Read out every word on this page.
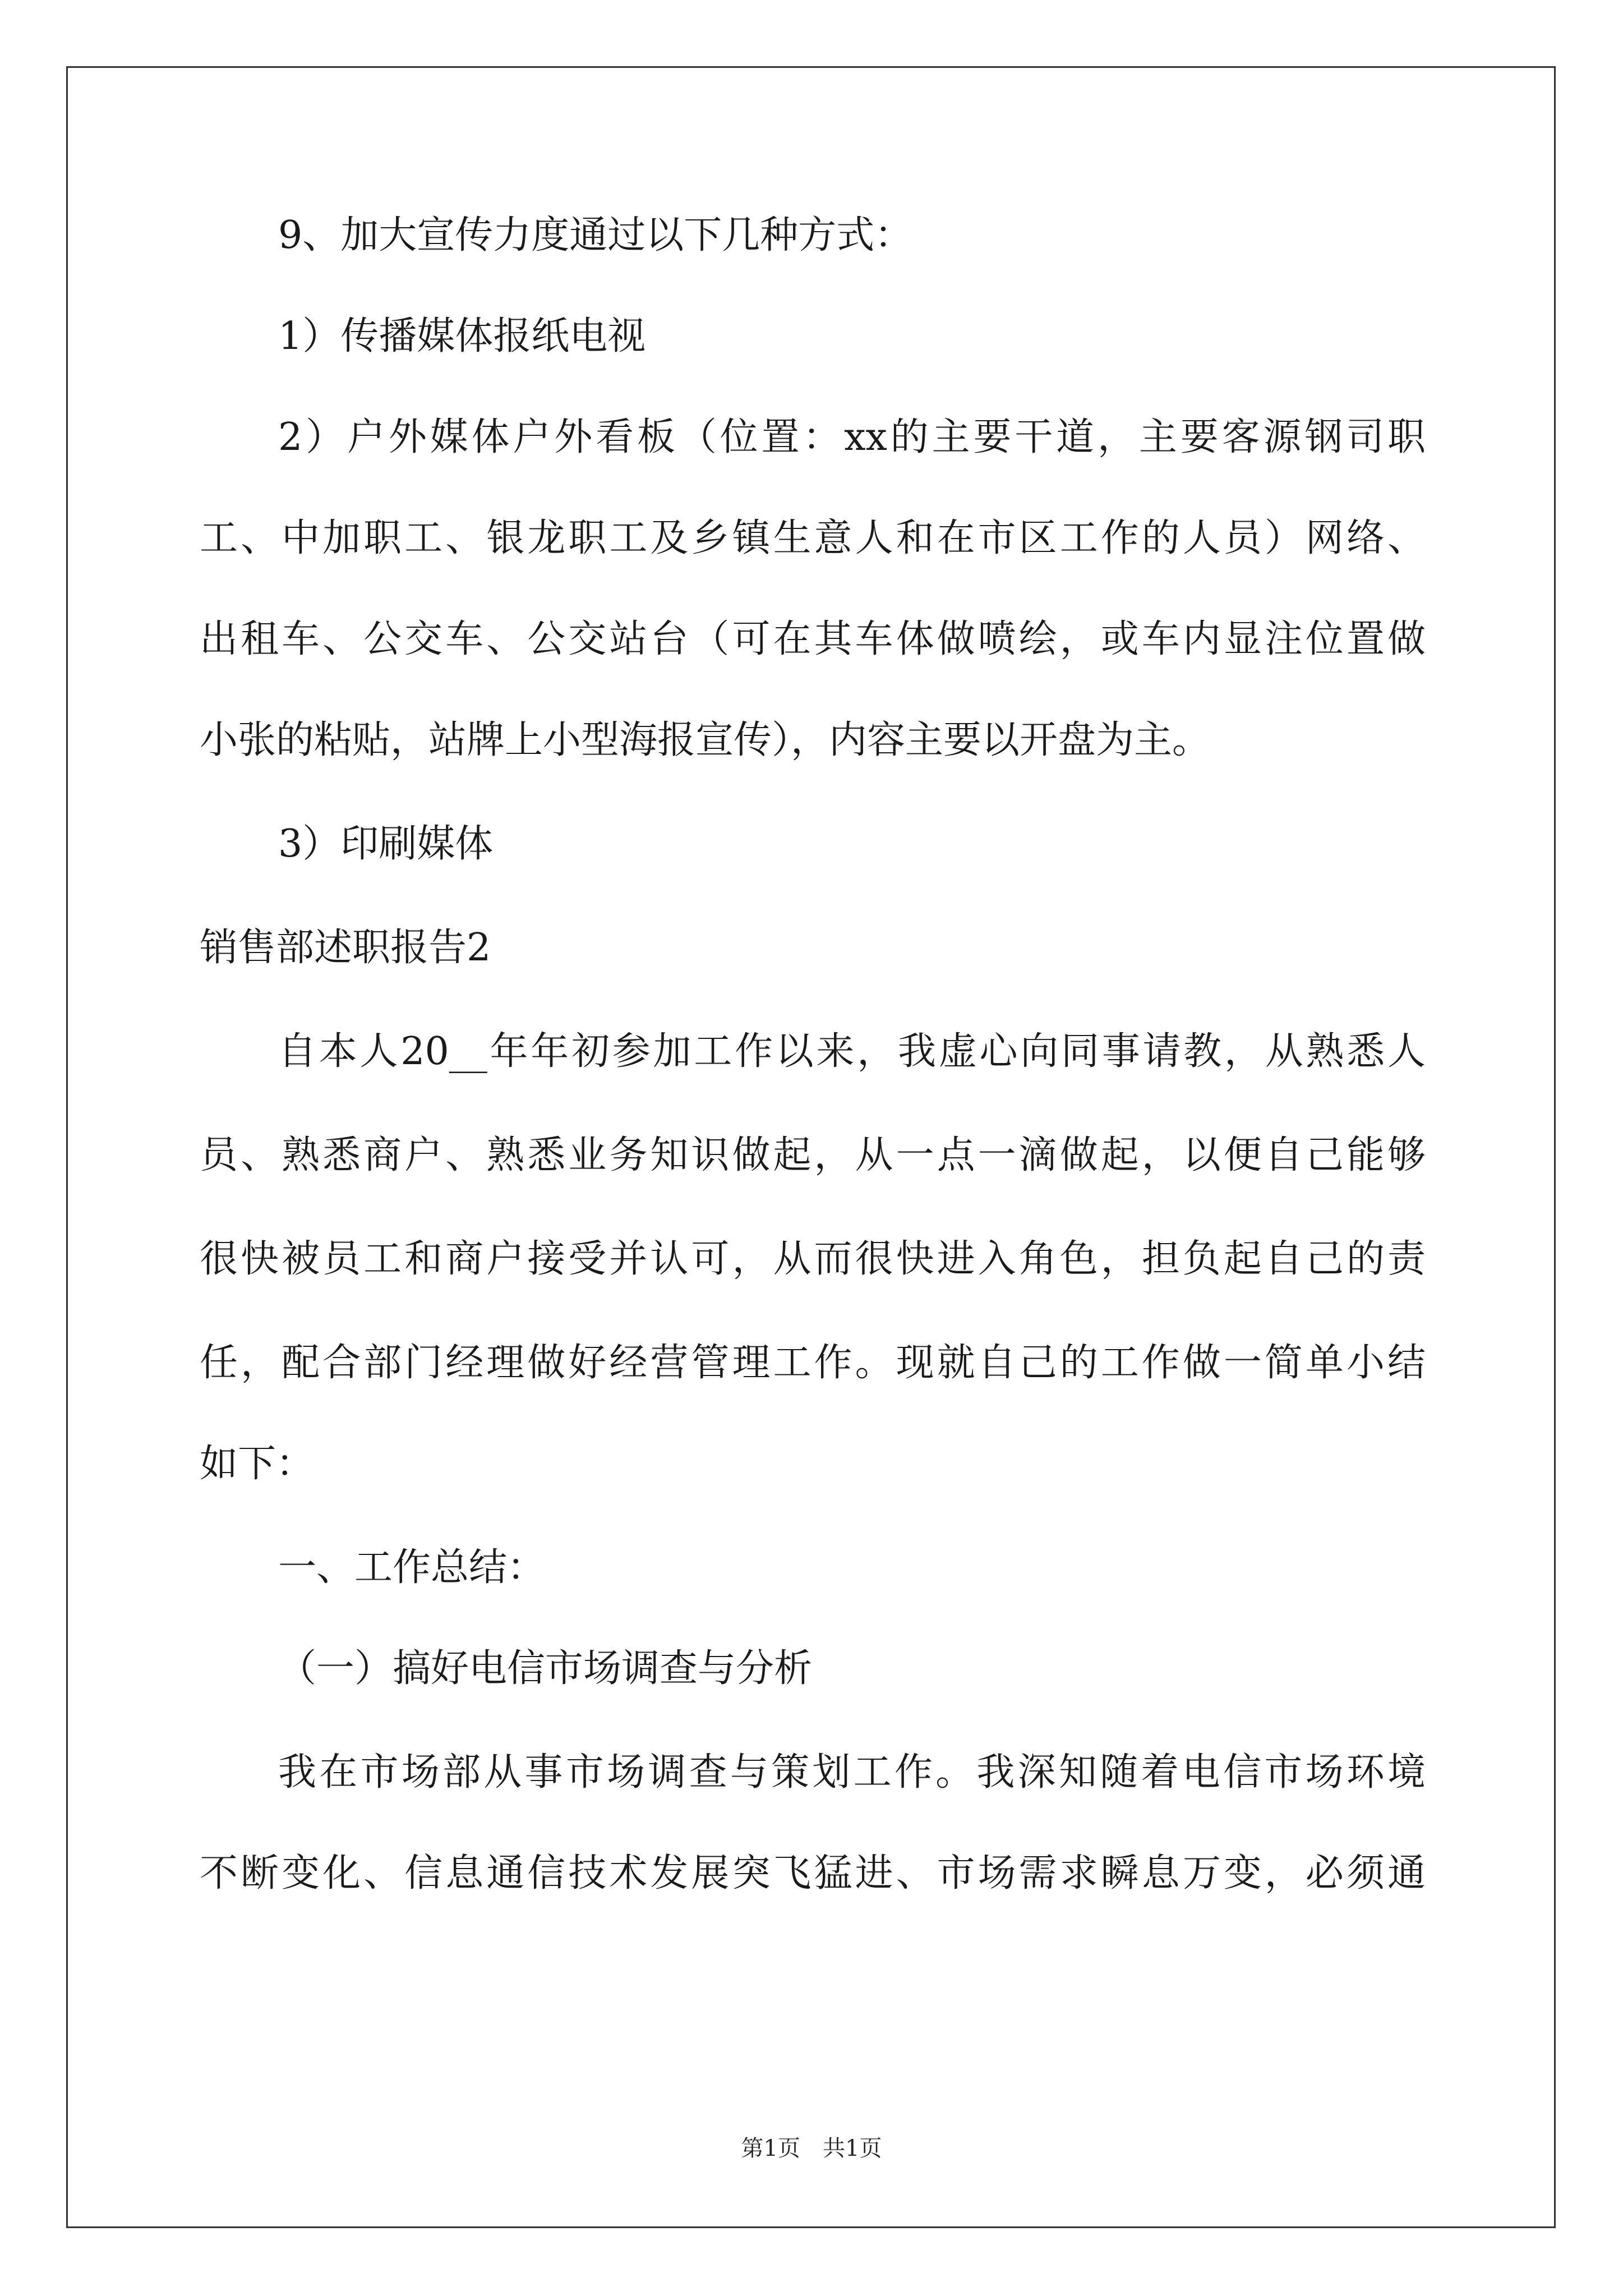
9、加大宣传力度通过以下几种方式：
1）传播媒体报纸电视
2）户外媒体户外看板（位置：xx的主要干道，主要客源钢司职
工、中加职工、银龙职工及乡镇生意人和在市区工作的人员）网络、
出租车、公交车、公交站台（可在其车体做喷绘，或车内显注位置做
小张的粘贴，站牌上小型海报宣传），内容主要以开盘为主。
3）印刷媒体
销售部述职报告2
自本人20__年年初参加工作以来，我虚心向同事请教，从熟悉人
员、熟悉商户、熟悉业务知识做起，从一点一滴做起，以便自己能够
很快被员工和商户接受并认可，从而很快进入角色，担负起自己的责
任，配合部门经理做好经营管理工作。现就自己的工作做一简单小结
如下：
一、工作总结：
（一）搞好电信市场调查与分析
我在市场部从事市场调查与策划工作。我深知随着电信市场环境
不断变化、信息通信技术发展突飞猛进、市场需求瞬息万变，必须通
第1页　共1页
